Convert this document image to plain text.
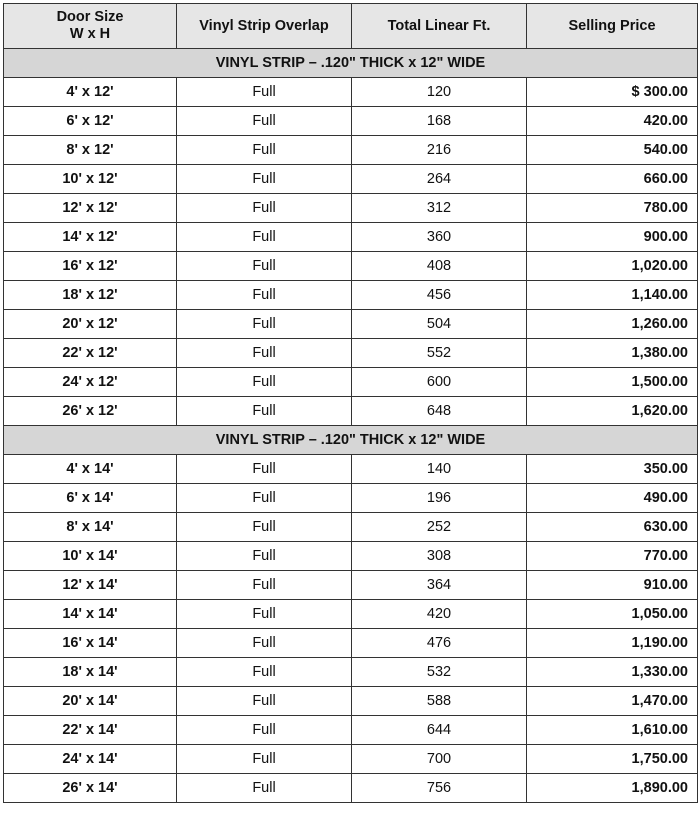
Door Size
W x H	Vinyl Strip Overlap	Total Linear Ft.	Selling Price
VINYL STRIP – .120" THICK x 12" WIDE			
4' x 12'	Full	120	$ 300.00
6' x 12'	Full	168	420.00
8' x 12'	Full	216	540.00
10' x 12'	Full	264	660.00
12' x 12'	Full	312	780.00
14' x 12'	Full	360	900.00
16' x 12'	Full	408	1,020.00
18' x 12'	Full	456	1,140.00
20' x 12'	Full	504	1,260.00
22' x 12'	Full	552	1,380.00
24' x 12'	Full	600	1,500.00
26' x 12'	Full	648	1,620.00
VINYL STRIP – .120" THICK x 12" WIDE			
4' x 14'	Full	140	350.00
6' x 14'	Full	196	490.00
8' x 14'	Full	252	630.00
10' x 14'	Full	308	770.00
12' x 14'	Full	364	910.00
14' x 14'	Full	420	1,050.00
16' x 14'	Full	476	1,190.00
18' x 14'	Full	532	1,330.00
20' x 14'	Full	588	1,470.00
22' x 14'	Full	644	1,610.00
24' x 14'	Full	700	1,750.00
26' x 14'	Full	756	1,890.00
